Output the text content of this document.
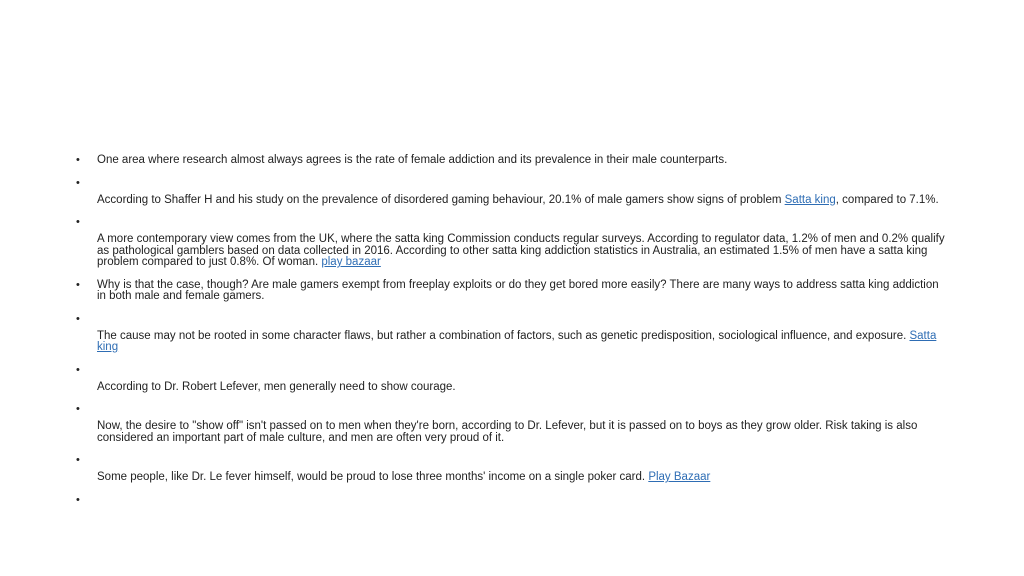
• One area where research almost always agrees is the rate of female addiction and its prevalence in their male counterparts.
•
According to Shaffer H and his study on the prevalence of disordered gaming behaviour, 20.1% of male gamers show signs of problem Satta king, compared to 7.1%.
•
A more contemporary view comes from the UK, where the satta king Commission conducts regular surveys. According to regulator data, 1.2% of men and 0.2% qualify as pathological gamblers based on data collected in 2016. According to other satta king addiction statistics in Australia, an estimated 1.5% of men have a satta king problem compared to just 0.8%. Of woman. play bazaar
• Why is that the case, though? Are male gamers exempt from freeplay exploits or do they get bored more easily? There are many ways to address satta king addiction in both male and female gamers.
•
The cause may not be rooted in some character flaws, but rather a combination of factors, such as genetic predisposition, sociological influence, and exposure. Satta king
•
According to Dr. Robert Lefever, men generally need to show courage.
•
Now, the desire to "show off" isn't passed on to men when they're born, according to Dr. Lefever, but it is passed on to boys as they grow older. Risk taking is also considered an important part of male culture, and men are often very proud of it.
•
Some people, like Dr. Le fever himself, would be proud to lose three months' income on a single poker card. Play Bazaar
•
